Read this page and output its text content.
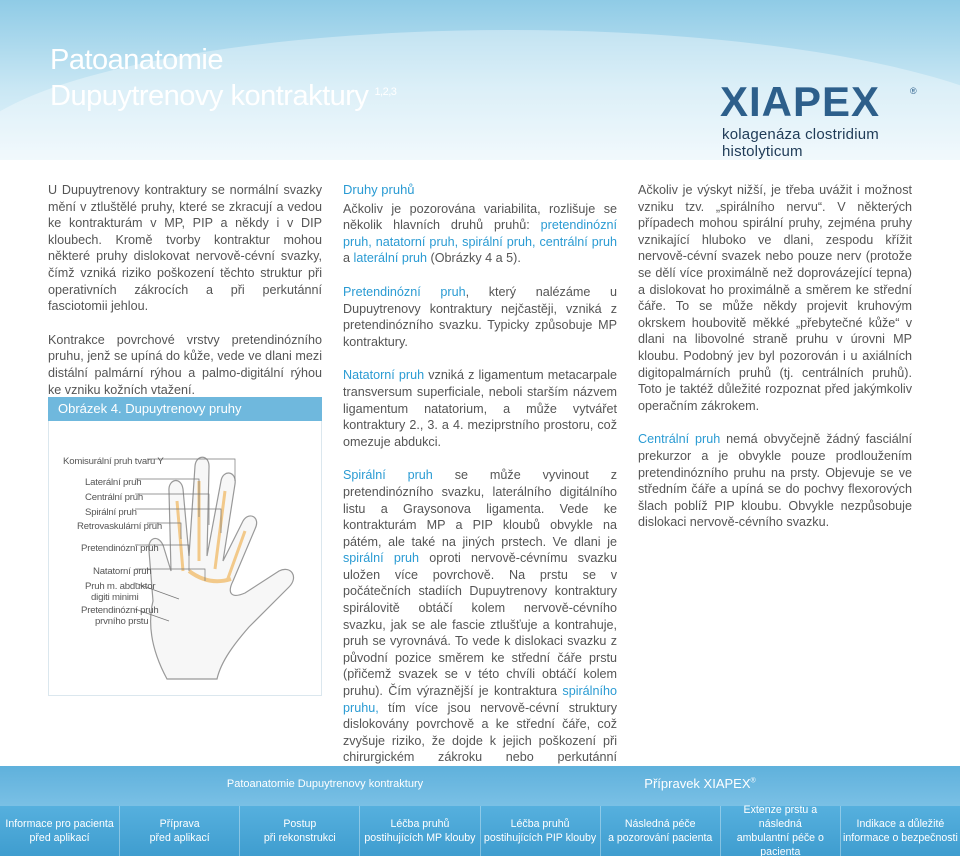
Patoanatomie
Dupuytrenovy kontraktury $^{1,2,3}$	XIAPEX	®
kolagenáza clostridium histolyticum

U Dupuytrenovy kontraktury se normální svazky mění v ztluštělé pruhy, které se zkracují a vedou ke kontrakturám v MP, PIP a někdy i v DIP kloubech. Kromě tvorby kontraktur mohou některé pruhy dislokovat nervově-cévní svazky, čímž vzniká riziko poškození těchto struktur při operativních zákrocích a při perkutánní fasciotomii jehlou.

Kontrakce povrchové vrstvy pretendinózního pruhu, jenž se upíná do kůže, vede ve dlani mezi distální palmární rýhou a palmo-digitální rýhou ke vzniku kožních vtažení.

Obrázek 4. Dupuytrenovy pruhy
Komisurální pruh tvaru Y
Laterální pruh
Centrální pruh
Spirální pruh
Retrovaskulární pruh
Pretendinózní pruh
Natatorní pruh
Pruh m. abduktor
digiti minimi
Pretendinózní pruh
prvního prstu
Druhy pruhů

Ačkoliv je pozorována variabilita, rozlišuje se několik hlavních druhů pruhů: pretendinózní pruh, natatorní pruh, spirální pruh, centrální pruh a laterální pruh (Obrázky 4 a 5).

Pretendinózní pruh, který nalézáme u Dupuytrenovy kontraktury nejčastěji, vzniká z pretendinózního svazku. Typicky způsobuje MP kontraktury.

Natatorní pruh vzniká z ligamentum metacarpale transversum superficiale, neboli starším názvem ligamentum natatorium, a může vytvářet kontraktury 2., 3. a 4. meziprstního prostoru, což omezuje abdukci.

Spirální pruh se může vyvinout z pretendinózního svazku, laterálního digitálního listu a Graysonova ligamenta. Vede ke kontrakturám MP a PIP kloubů obvykle na pátém, ale také na jiných prstech. Ve dlani je spirální pruh oproti nervově-cévnímu svazku uložen více povrchově. Na prstu se v počátečních stadiích Dupuytrenovy kontraktury spirálovitě obtáčí kolem nervově-cévního svazku, jak se ale fascie ztlušťuje a kontrahuje, pruh se vyrovnává. To vede k dislokaci svazku z původní pozice směrem ke střední čáře prstu (přičemž svazek se v této chvíli obtáčí kolem pruhu). Čím výraznější je kontraktura spirálního pruhu, tím více jsou nervově-cévní struktury dislokovány povrchově a ke střední čáře, což zvyšuje riziko, že dojde k jejich poškození při chirurgickém zákroku nebo perkutánní

Ačkoliv je výskyt nižší, je třeba uvážit i možnost vzniku tzv. „spirálního nervu“. V některých případech mohou spirální pruhy, zejména pruhy vznikající hluboko ve dlani, zespodu křížit nervově-cévní svazek nebo pouze nerv (protože se dělí více proximálně než doprovázející tepna) a dislokovat ho proximálně a směrem ke střední čáře. To se může někdy projevit kruhovým okrskem houbovitě měkké „přebytečné kůže“ v dlani na libovolné straně pruhu v úrovni MP kloubu. Podobný jev byl pozorován i u axiálních digitopalmárních pruhů (tj. centrálních pruhů). Toto je taktéž důležité rozpoznat před jakýmkoliv operačním zákrokem.

Centrální pruh nemá obvyčejně žádný fasciální prekurzor a je obvykle pouze prodloužením pretendinózního pruhu na prsty. Objevuje se ve středním čáře a upíná se do pochvy flexorových šlach poblíž PIP kloubu. Obvykle nezpůsobuje dislokaci nervově-cévního svazku.

Patoanatomie Dupuytrenovy kontraktury	Přípravek XIAPEX®
Informace pro pacienta
před aplikací
Příprava
před aplikací
Postup
při rekonstrukci
Léčba pruhů
postihujících MP klouby
Léčba pruhů
postihujících PIP klouby
Následná péče
a pozorování pacienta
Extenze prstu a následná
ambulantní péče o pacienta
Indikace a důležité
informace o bezpečnosti
